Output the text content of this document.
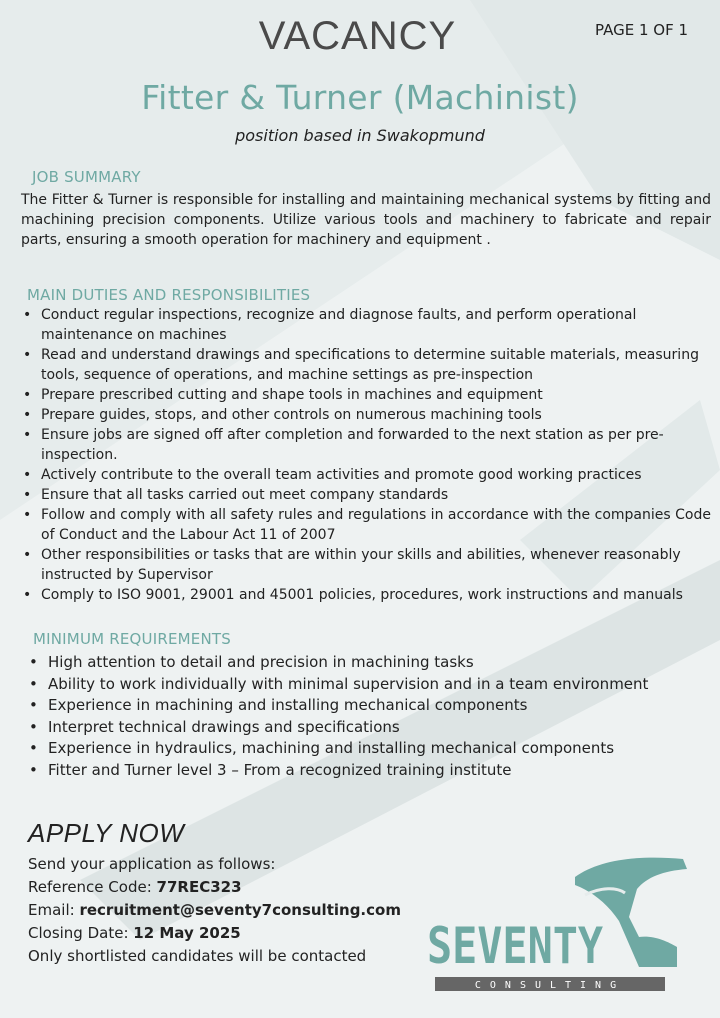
PAGE 1 OF 1
VACANCY
Fitter & Turner (Machinist)
position based in Swakopmund
JOB SUMMARY
The Fitter & Turner is responsible for installing and maintaining mechanical systems by fitting and machining precision components. Utilize various tools and machinery to fabricate and repair parts, ensuring a smooth operation for machinery and equipment .
MAIN DUTIES AND RESPONSIBILITIES
• Conduct regular inspections, recognize and diagnose faults, and perform operational maintenance on machines
• Read and understand drawings and specifications to determine suitable materials, measuring tools, sequence of operations, and machine settings as pre-inspection
• Prepare prescribed cutting and shape tools in machines and equipment
• Prepare guides, stops, and other controls on numerous machining tools
• Ensure jobs are signed off after completion and forwarded to the next station as per pre-inspection.
• Actively contribute to the overall team activities and promote good working practices
• Ensure that all tasks carried out meet company standards
• Follow and comply with all safety rules and regulations in accordance with the companies Code of Conduct and the Labour Act 11 of 2007
• Other responsibilities or tasks that are within your skills and abilities, whenever reasonably instructed by Supervisor
• Comply to ISO 9001, 29001 and 45001 policies, procedures, work instructions and manuals
MINIMUM REQUIREMENTS
• High attention to detail and precision in machining tasks
• Ability to work individually with minimal supervision and in a team environment
• Experience in machining and installing mechanical components
• Interpret technical drawings and specifications
• Experience in hydraulics, machining and installing mechanical components
• Fitter and Turner level 3 – From a recognized training institute
APPLY NOW
Send your application as follows:
Reference Code: 77REC323
Email: recruitment@seventy7consulting.com
Closing Date: 12 May 2025
Only shortlisted candidates will be contacted	SEVENTY
CONSULTING
